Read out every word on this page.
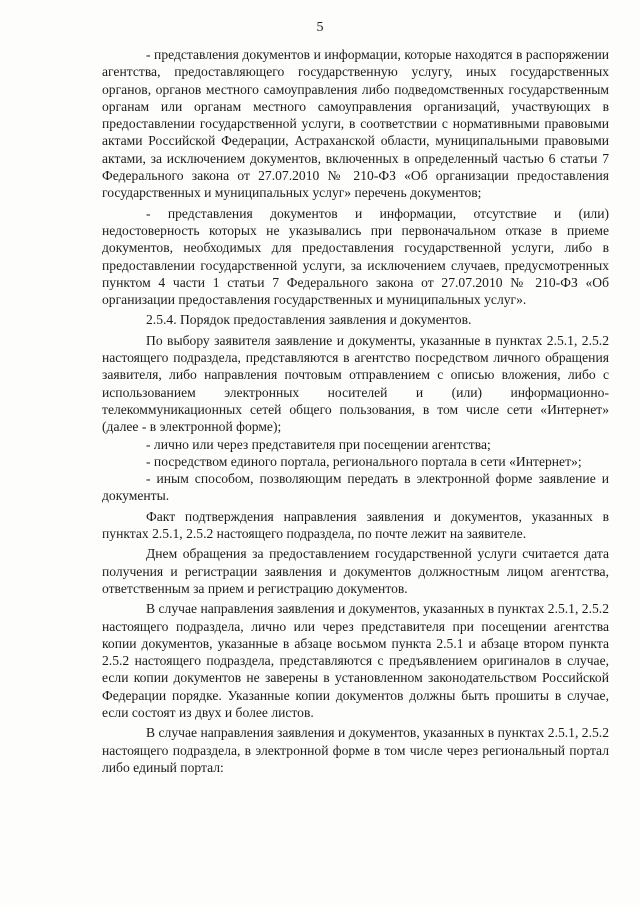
5

- представления документов и информации, которые находятся в распоряжении агентства, предоставляющего государственную услугу, иных государственных органов, органов местного самоуправления либо подведомственных государственным органам или органам местного самоуправления организаций, участвующих в предоставлении государственной услуги, в соответствии с нормативными правовыми актами Российской Федерации, Астраханской области, муниципальными правовыми актами, за исключением документов, включенных в определенный частью 6 статьи 7 Федерального закона от 27.07.2010 № 210-ФЗ «Об организации предоставления государственных и муниципальных услуг» перечень документов;

- представления документов и информации, отсутствие и (или) недостоверность которых не указывались при первоначальном отказе в приеме документов, необходимых для предоставления государственной услуги, либо в предоставлении государственной услуги, за исключением случаев, предусмотренных пунктом 4 части 1 статьи 7 Федерального закона от 27.07.2010 № 210-ФЗ «Об организации предоставления государственных и муниципальных услуг».

2.5.4. Порядок предоставления заявления и документов.

По выбору заявителя заявление и документы, указанные в пунктах 2.5.1, 2.5.2 настоящего подраздела, представляются в агентство посредством личного обращения заявителя, либо направления почтовым отправлением с описью вложения, либо с использованием электронных носителей и (или) информационно-телекоммуникационных сетей общего пользования, в том числе сети «Интернет» (далее - в электронной форме);

- лично или через представителя при посещении агентства;

- посредством единого портала, регионального портала в сети «Интернет»;

- иным способом, позволяющим передать в электронной форме заявление и документы.

Факт подтверждения направления заявления и документов, указанных в пунктах 2.5.1, 2.5.2 настоящего подраздела, по почте лежит на заявителе.

Днем обращения за предоставлением государственной услуги считается дата получения и регистрации заявления и документов должностным лицом агентства, ответственным за прием и регистрацию документов.

В случае направления заявления и документов, указанных в пунктах 2.5.1, 2.5.2 настоящего подраздела, лично или через представителя при посещении агентства копии документов, указанные в абзаце восьмом пункта 2.5.1 и абзаце втором пункта 2.5.2 настоящего подраздела, представляются с предъявлением оригиналов в случае, если копии документов не заверены в установленном законодательством Российской Федерации порядке. Указанные копии документов должны быть прошиты в случае, если состоят из двух и более листов.

В случае направления заявления и документов, указанных в пунктах 2.5.1, 2.5.2 настоящего подраздела, в электронной форме в том числе через региональный портал либо единый портал:
